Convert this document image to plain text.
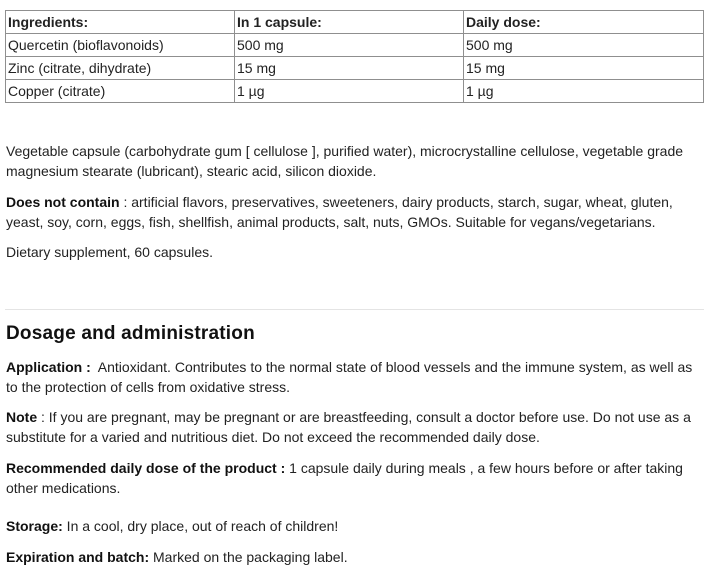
Ingredients:	In 1 capsule:	Daily dose:
Quercetin (bioflavonoids)	500 mg	500 mg
Zinc (citrate, dihydrate)	15 mg	15 mg
Copper (citrate)	1 µg	1 µg

Vegetable capsule (carbohydrate gum [ cellulose ], purified water), microcrystalline cellulose, vegetable grade magnesium stearate (lubricant), stearic acid, silicon dioxide.

Does not contain : artificial flavors, preservatives, sweeteners, dairy products, starch, sugar, wheat, gluten, yeast, soy, corn, eggs, fish, shellfish, animal products, salt, nuts, GMOs. Suitable for vegans/vegetarians.

Dietary supplement, 60 capsules.

Dosage and administration

Application :  Antioxidant. Contributes to the normal state of blood vessels and the immune system, as well as to the protection of cells from oxidative stress.

Note : If you are pregnant, may be pregnant or are breastfeeding, consult a doctor before use. Do not use as a substitute for a varied and nutritious diet. Do not exceed the recommended daily dose.

Recommended daily dose of the product : 1 capsule daily during meals , a few hours before or after taking other medications.

Storage: In a cool, dry place, out of reach of children!

Expiration and batch: Marked on the packaging label.
